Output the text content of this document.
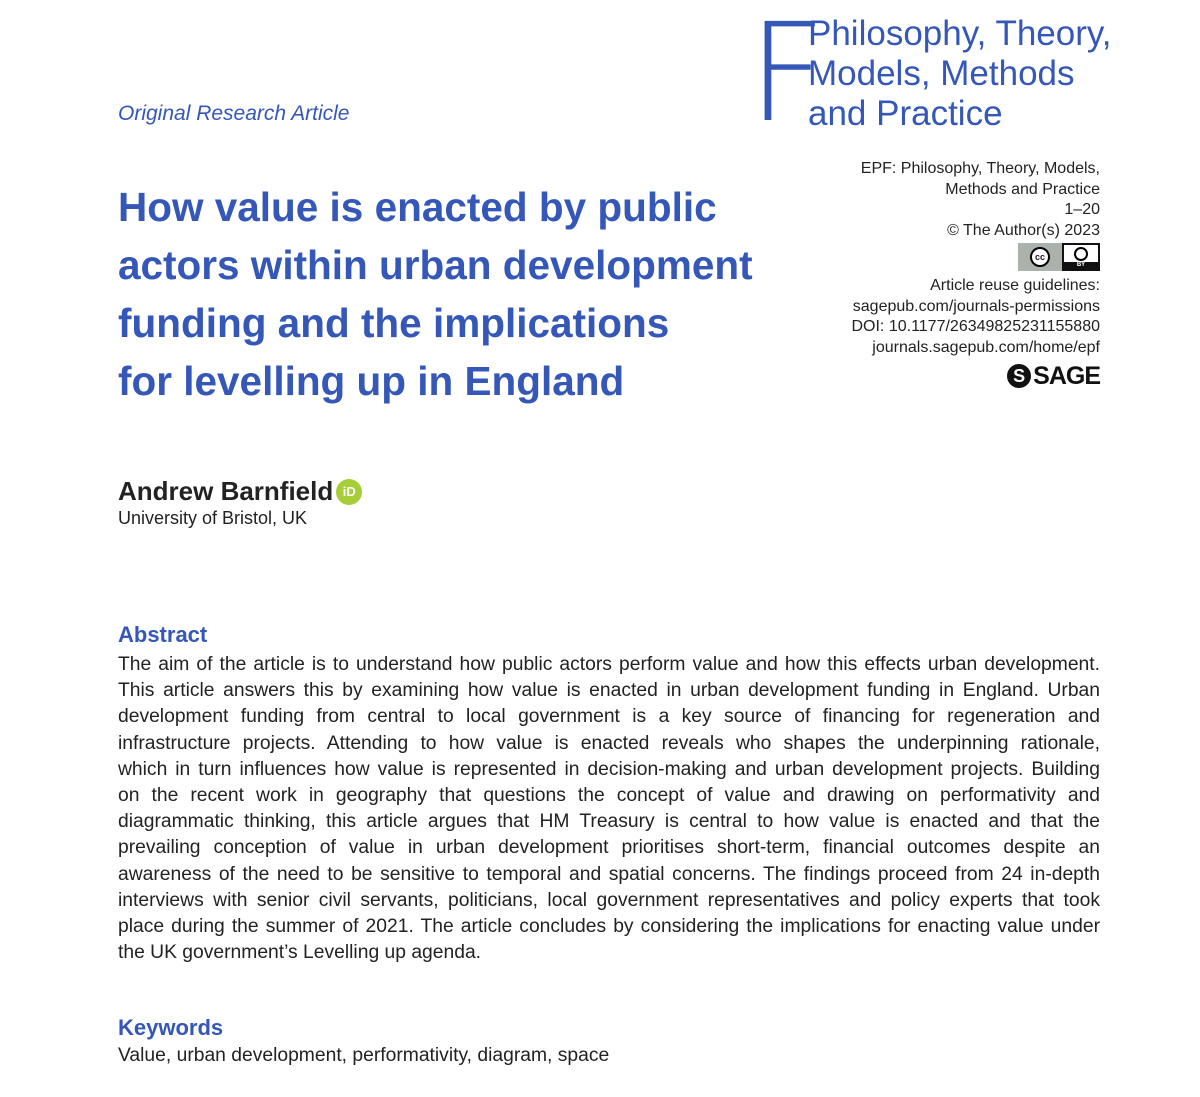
F
Philosophy, Theory,
Models, Methods
and Practice
Original Research Article
How value is enacted by public
actors within urban development
funding and the implications
for levelling up in England
EPF: Philosophy, Theory, Models,
Methods and Practice
1–20
© The Author(s) 2023
cc
BY
Article reuse guidelines:
sagepub.com/journals-permissions
DOI: 10.1177/26349825231155880
journals.sagepub.com/home/epf
S SAGE
Andrew Barnfield iD
University of Bristol, UK
Abstract
The aim of the article is to understand how public actors perform value and how this effects urban development.
This article answers this by examining how value is enacted in urban development funding in England. Urban
development funding from central to local government is a key source of financing for regeneration and
infrastructure projects. Attending to how value is enacted reveals who shapes the underpinning rationale,
which in turn influences how value is represented in decision-making and urban development projects. Building
on the recent work in geography that questions the concept of value and drawing on performativity and
diagrammatic thinking, this article argues that HM Treasury is central to how value is enacted and that the
prevailing conception of value in urban development prioritises short-term, financial outcomes despite an
awareness of the need to be sensitive to temporal and spatial concerns. The findings proceed from 24 in-depth
interviews with senior civil servants, politicians, local government representatives and policy experts that took
place during the summer of 2021. The article concludes by considering the implications for enacting value under
the UK government’s Levelling up agenda.
Keywords
Value, urban development, performativity, diagram, space
